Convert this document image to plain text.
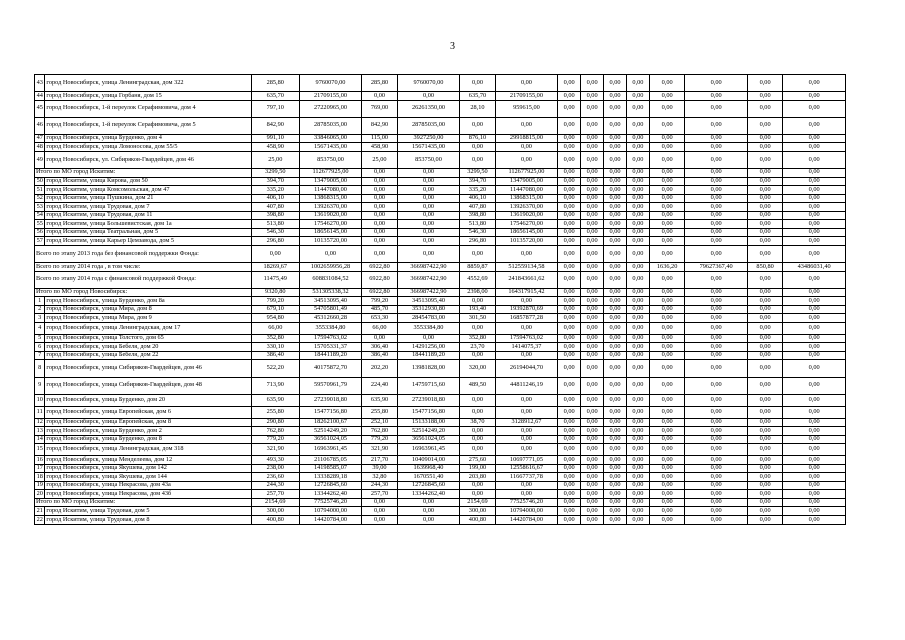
3
43	город Новосибирск, улица Ленинградская, дом 322	285,80	9760070,00	285,80	9760070,00	0,00	0,00	0,00	0,00	0,00	0,00	0,00	0,00	0,00	0,00
44	город Новосибирск, улица Горбаня, дом 15	635,70	21709155,00	0,00	0,00	635,70	21709155,00	0,00	0,00	0,00	0,00	0,00	0,00	0,00	0,00
45	город Новосибирск, 1-й переулок Серафимовича, дом 4	797,10	27220965,00	769,00	26261350,00	28,10	959615,00	0,00	0,00	0,00	0,00	0,00	0,00	0,00	0,00
46	город Новосибирск, 1-й переулок Серафимовича, дом 5	842,90	28785035,00	842,90	28785035,00	0,00	0,00	0,00	0,00	0,00	0,00	0,00	0,00	0,00	0,00
47	город Новосибирск, улица Бурденко, дом 4	991,10	33846065,00	115,00	3927250,00	876,10	29918815,00	0,00	0,00	0,00	0,00	0,00	0,00	0,00	0,00
48	город Новосибирск, улица Ломоносова, дом 55/5	458,90	15671435,00	458,90	15671435,00	0,00	0,00	0,00	0,00	0,00	0,00	0,00	0,00	0,00	0,00
49	город Новосибирск, ул. Сибиряков-Гвардейцев, дом 46	25,00	853750,00	25,00	853750,00	0,00	0,00	0,00	0,00	0,00	0,00	0,00	0,00	0,00	0,00
Итого по МО город Искитим:		3299,50	112677925,00	0,00	0,00	3299,50	112677925,00	0,00	0,00	0,00	0,00	0,00	0,00	0,00	0,00
50	город Искитим, улица Кирова, дом 50	394,70	13479005,00	0,00	0,00	394,70	13479005,00	0,00	0,00	0,00	0,00	0,00	0,00	0,00	0,00
51	город Искитим, улица Комсомольская, дом 47	335,20	11447080,00	0,00	0,00	335,20	11447080,00	0,00	0,00	0,00	0,00	0,00	0,00	0,00	0,00
52	город Искитим, улица Пушкина, дом 21	406,10	13868315,00	0,00	0,00	406,10	13868315,00	0,00	0,00	0,00	0,00	0,00	0,00	0,00	0,00
53	город Искитим, улица Трудовая, дом 7	407,80	13926370,00	0,00	0,00	407,80	13926370,00	0,00	0,00	0,00	0,00	0,00	0,00	0,00	0,00
54	город Искитим, улица Трудовая, дом 11	398,80	13619020,00	0,00	0,00	398,80	13619020,00	0,00	0,00	0,00	0,00	0,00	0,00	0,00	0,00
55	город Искитим, улица Большевистская, дом 1а	513,80	17546270,00	0,00	0,00	513,80	17546270,00	0,00	0,00	0,00	0,00	0,00	0,00	0,00	0,00
56	город Искитим, улица Театральная, дом 5	546,30	18656145,00	0,00	0,00	546,30	18656145,00	0,00	0,00	0,00	0,00	0,00	0,00	0,00	0,00
57	город Искитим, улица Карьер Цемзавода, дом 5	296,80	10135720,00	0,00	0,00	296,80	10135720,00	0,00	0,00	0,00	0,00	0,00	0,00	0,00	0,00
Всего по этапу 2013 года без финансовой поддержки Фонда:		0,00	0,00	0,00	0,00	0,00	0,00	0,00	0,00	0,00	0,00	0,00	0,00	0,00	0,00
Всего по этапу 2014 года , в том числе:		18269,67	1002659956,28	6922,80	366987422,90	8859,87	512559134,58	0,00	0,00	0,00	0,00	1636,20	79627367,40	850,80	43486031,40
Всего по этапу 2014 года с финансовой поддержкой Фонда:		11475,49	608831084,52	6922,80	366987422,90	4552,69	241843661,62	0,00	0,00	0,00	0,00	0,00	0,00	0,00	0,00
Итого по МО город Новосибирск:		9320,80	531305338,32	6922,80	366987422,90	2398,00	164317915,42	0,00	0,00	0,00	0,00	0,00	0,00	0,00	0,00
1	город Новосибирск, улица Бурденко, дом 8а	799,20	34513095,40	799,20	34513095,40	0,00	0,00	0,00	0,00	0,00	0,00	0,00	0,00	0,00	0,00
2	город Новосибирск, улица Мира, дом 8	679,10	54705801,49	485,70	35312930,80	193,40	19392870,69	0,00	0,00	0,00	0,00	0,00	0,00	0,00	0,00
3	город Новосибирск, улица Мира, дом 9	954,80	45312660,28	653,30	28454783,00	301,50	16857877,28	0,00	0,00	0,00	0,00	0,00	0,00	0,00	0,00
4	город Новосибирск, улица Ленинградская, дом 17	66,00	3553384,80	66,00	3553384,80	0,00	0,00	0,00	0,00	0,00	0,00	0,00	0,00	0,00	0,00
5	город Новосибирск, улица Толстого, дом 65	352,80	17594763,02	0,00	0,00	352,80	17594763,02	0,00	0,00	0,00	0,00	0,00	0,00	0,00	0,00
6	город Новосибирск, улица Бебеля, дом 20	330,10	15705331,37	306,40	14291256,00	23,70	1414075,37	0,00	0,00	0,00	0,00	0,00	0,00	0,00	0,00
7	город Новосибирск, улица Бебеля, дом 22	386,40	18441189,20	386,40	18441189,20	0,00	0,00	0,00	0,00	0,00	0,00	0,00	0,00	0,00	0,00
8	город Новосибирск, улица Сибиряков-Гвардейцев, дом 46	522,20	40175872,70	202,20	13981828,00	320,00	26194044,70	0,00	0,00	0,00	0,00	0,00	0,00	0,00	0,00
9	город Новосибирск, улица Сибиряков-Гвардейцев, дом 48	713,90	59570961,79	224,40	14759715,60	489,50	44811246,19	0,00	0,00	0,00	0,00	0,00	0,00	0,00	0,00
10	город Новосибирск, улица Бурденко, дом 20	635,90	27239018,80	635,90	27239018,80	0,00	0,00	0,00	0,00	0,00	0,00	0,00	0,00	0,00	0,00
11	город Новосибирск, улица Европейская, дом 6	255,80	15477156,80	255,80	15477156,80	0,00	0,00	0,00	0,00	0,00	0,00	0,00	0,00	0,00	0,00
12	город Новосибирск, улица Европейская, дом 8	290,80	18262100,67	252,10	15133188,00	38,70	3128912,67	0,00	0,00	0,00	0,00	0,00	0,00	0,00	0,00
13	город Новосибирск, улица Бурденко, дом 2	762,80	52514249,20	762,80	52514249,20	0,00	0,00	0,00	0,00	0,00	0,00	0,00	0,00	0,00	0,00
14	город Новосибирск, улица Бурденко, дом 8	779,20	36561024,05	779,20	36561024,05	0,00	0,00	0,00	0,00	0,00	0,00	0,00	0,00	0,00	0,00
15	город Новосибирск, улица Ленинградская, дом 318	321,90	16963961,45	321,90	16963961,45	0,00	0,00	0,00	0,00	0,00	0,00	0,00	0,00	0,00	0,00
16	город Новосибирск, улица Менделеева, дом 12	493,30	21106785,05	217,70	10409014,00	275,60	10697771,05	0,00	0,00	0,00	0,00	0,00	0,00	0,00	0,00
17	город Новосибирск, улица Якушева, дом 142	238,00	14198585,07	39,00	1639968,40	199,00	12558616,67	0,00	0,00	0,00	0,00	0,00	0,00	0,00	0,00
18	город Новосибирск, улица Якушева, дом 144	236,60	13338289,18	32,80	1670551,40	203,80	11667737,78	0,00	0,00	0,00	0,00	0,00	0,00	0,00	0,00
19	город Новосибирск, улица Некрасова, дом 43а	244,30	12726845,60	244,30	12726845,60	0,00	0,00	0,00	0,00	0,00	0,00	0,00	0,00	0,00	0,00
20	город Новосибирск, улица Некрасова, дом 43б	257,70	13344262,40	257,70	13344262,40	0,00	0,00	0,00	0,00	0,00	0,00	0,00	0,00	0,00	0,00
Итого по МО город Искитим:		2154,69	77525746,20	0,00	0,00	2154,69	77525746,20	0,00	0,00	0,00	0,00	0,00	0,00	0,00	0,00
21	город Искитим, улица Трудовая, дом 5	300,00	10794000,00	0,00	0,00	300,00	10794000,00	0,00	0,00	0,00	0,00	0,00	0,00	0,00	0,00
22	город Искитим, улица Трудовая, дом 8	400,80	14420784,00	0,00	0,00	400,80	14420784,00	0,00	0,00	0,00	0,00	0,00	0,00	0,00	0,00
